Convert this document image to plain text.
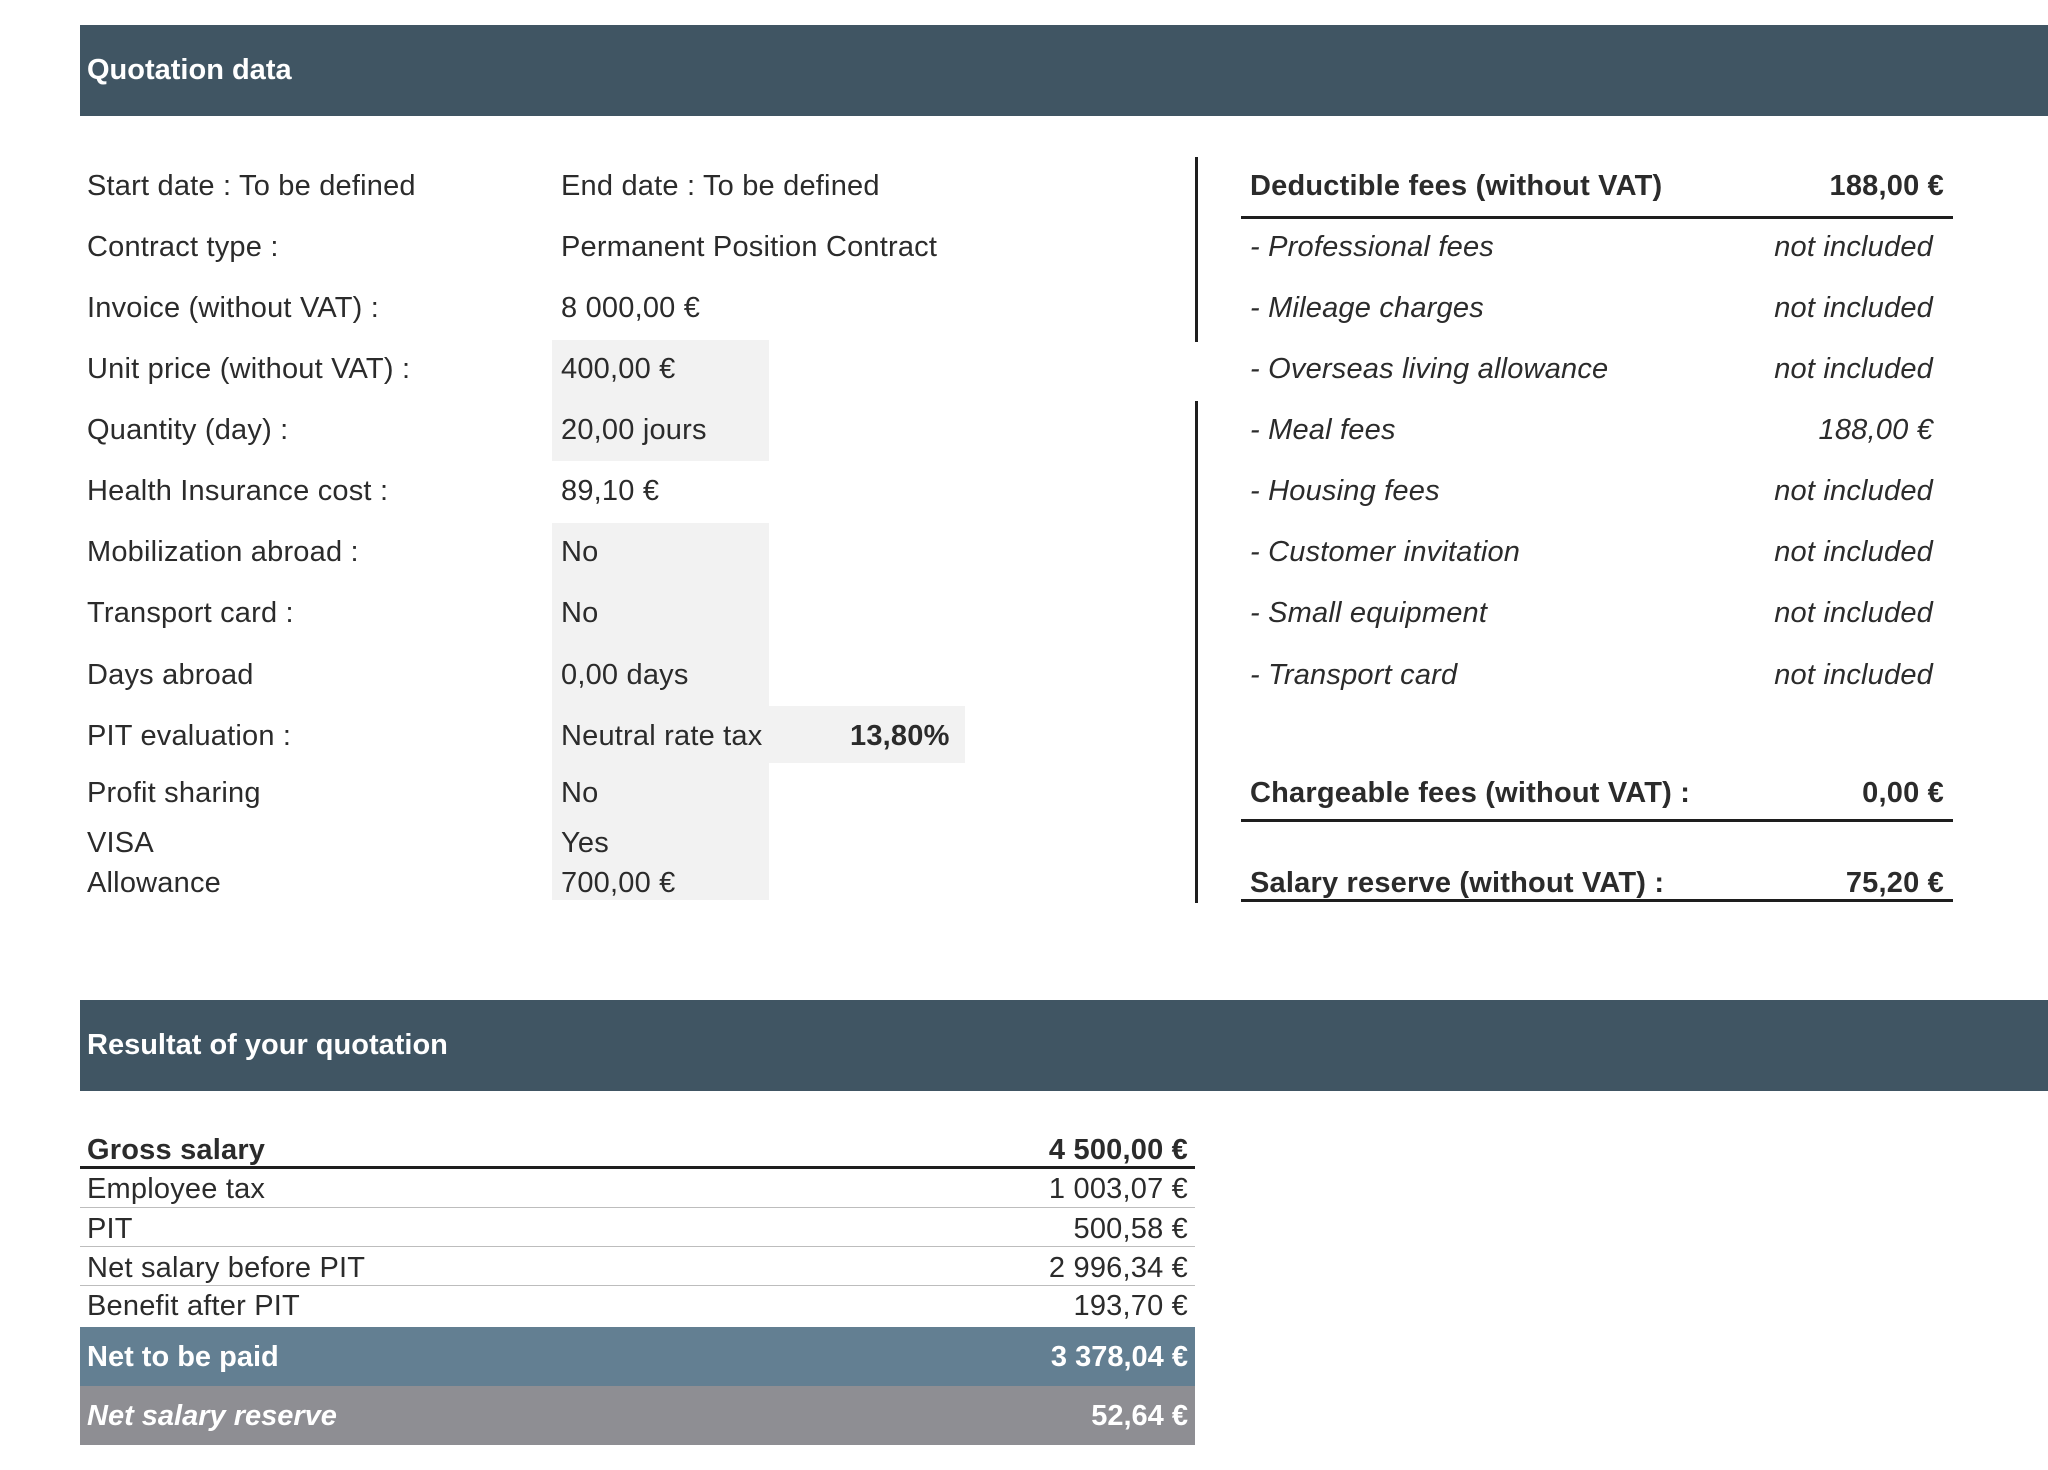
Quotation data
Start date : To be defined	End date : To be defined
Contract type :	Permanent Position Contract
Invoice (without VAT) :	8 000,00 €
Unit price (without VAT) :	400,00 €
Quantity (day) :	20,00 jours
Health Insurance cost :	89,10 €
Mobilization abroad :	No
Transport card :	No
Days abroad	0,00 days
PIT evaluation :	Neutral rate tax	13,80%
Profit sharing	No
VISA	Yes
Allowance	700,00 €
Deductible fees (without VAT)	188,00 €
- Professional fees	not included
- Mileage charges	not included
- Overseas living allowance	not included
- Meal fees	188,00 €
- Housing fees	not included
- Customer invitation	not included
- Small equipment	not included
- Transport card	not included
Chargeable fees (without VAT) :	0,00 €
Salary reserve (without VAT) :	75,20 €
Resultat of your quotation
Gross salary	4 500,00 €
Employee tax	1 003,07 €
PIT	500,58 €
Net salary before PIT	2 996,34 €
Benefit after PIT	193,70 €
Net to be paid	3 378,04 €
Net salary reserve	52,64 €
